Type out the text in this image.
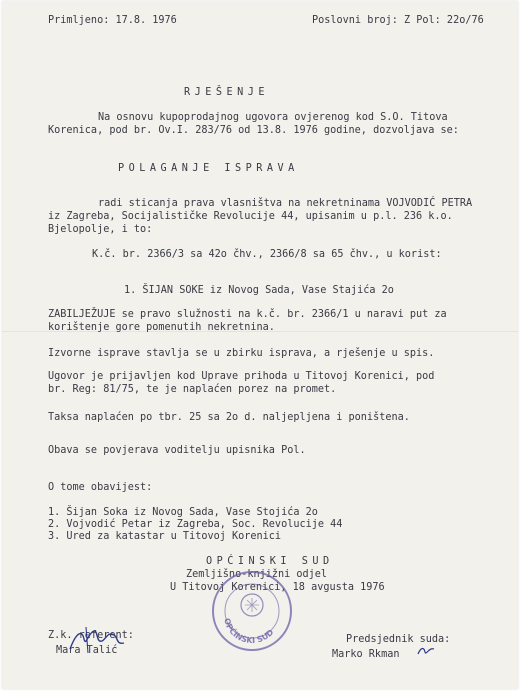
Primljeno: 17.8. 1976	Poslovni broj: Z Pol: 22o/76
RJEŠENJE
Na osnovu kupoprodajnog ugovora ovjerenog kod S.O. Titova
Korenica, pod br. Ov.I. 283/76 od 13.8. 1976 godine, dozvoljava se:
POLAGANJE ISPRAVA
radi sticanja prava vlasništva na nekretninama VOJVODIĆ PETRA
iz Zagreba, Socijalističke Revolucije 44, upisanim u p.l. 236 k.o.
Bjelopolje, i to:
K.č. br. 2366/3 sa 42o čhv., 2366/8 sa 65 čhv., u korist:
1. ŠIJAN SOKE iz Novog Sada, Vase Stajića 2o
ZABILJEŽUJE se pravo služnosti na k.č. br. 2366/1 u naravi put za
korištenje gore pomenutih nekretnina.
Izvorne isprave stavlja se u zbirku isprava, a rješenje u spis.
Ugovor je prijavljen kod Uprave prihoda u Titovoj Korenici, pod
br. Reg: 81/75, te je naplaćen porez na promet.
Taksa naplaćen po tbr. 25 sa 2o d. naljepljena i poništena.
Obava se povjerava voditelju upisnika Pol.
O tome obavijest:
1. Šijan Soka iz Novog Sada, Vase Stojića 2o
2. Vojvodić Petar iz Zagreba, Soc. Revolucije 44
3. Ured za katastar u Titovoj Korenici
OPĆINSKI SUD
Zemljišno-knjižni odjel
U Titovoj Korenici, 18 avgusta 1976
OPĆINSKI SUD
Z.k. referent:
Mara Talić
Predsjednik suda:
Marko Rkman
